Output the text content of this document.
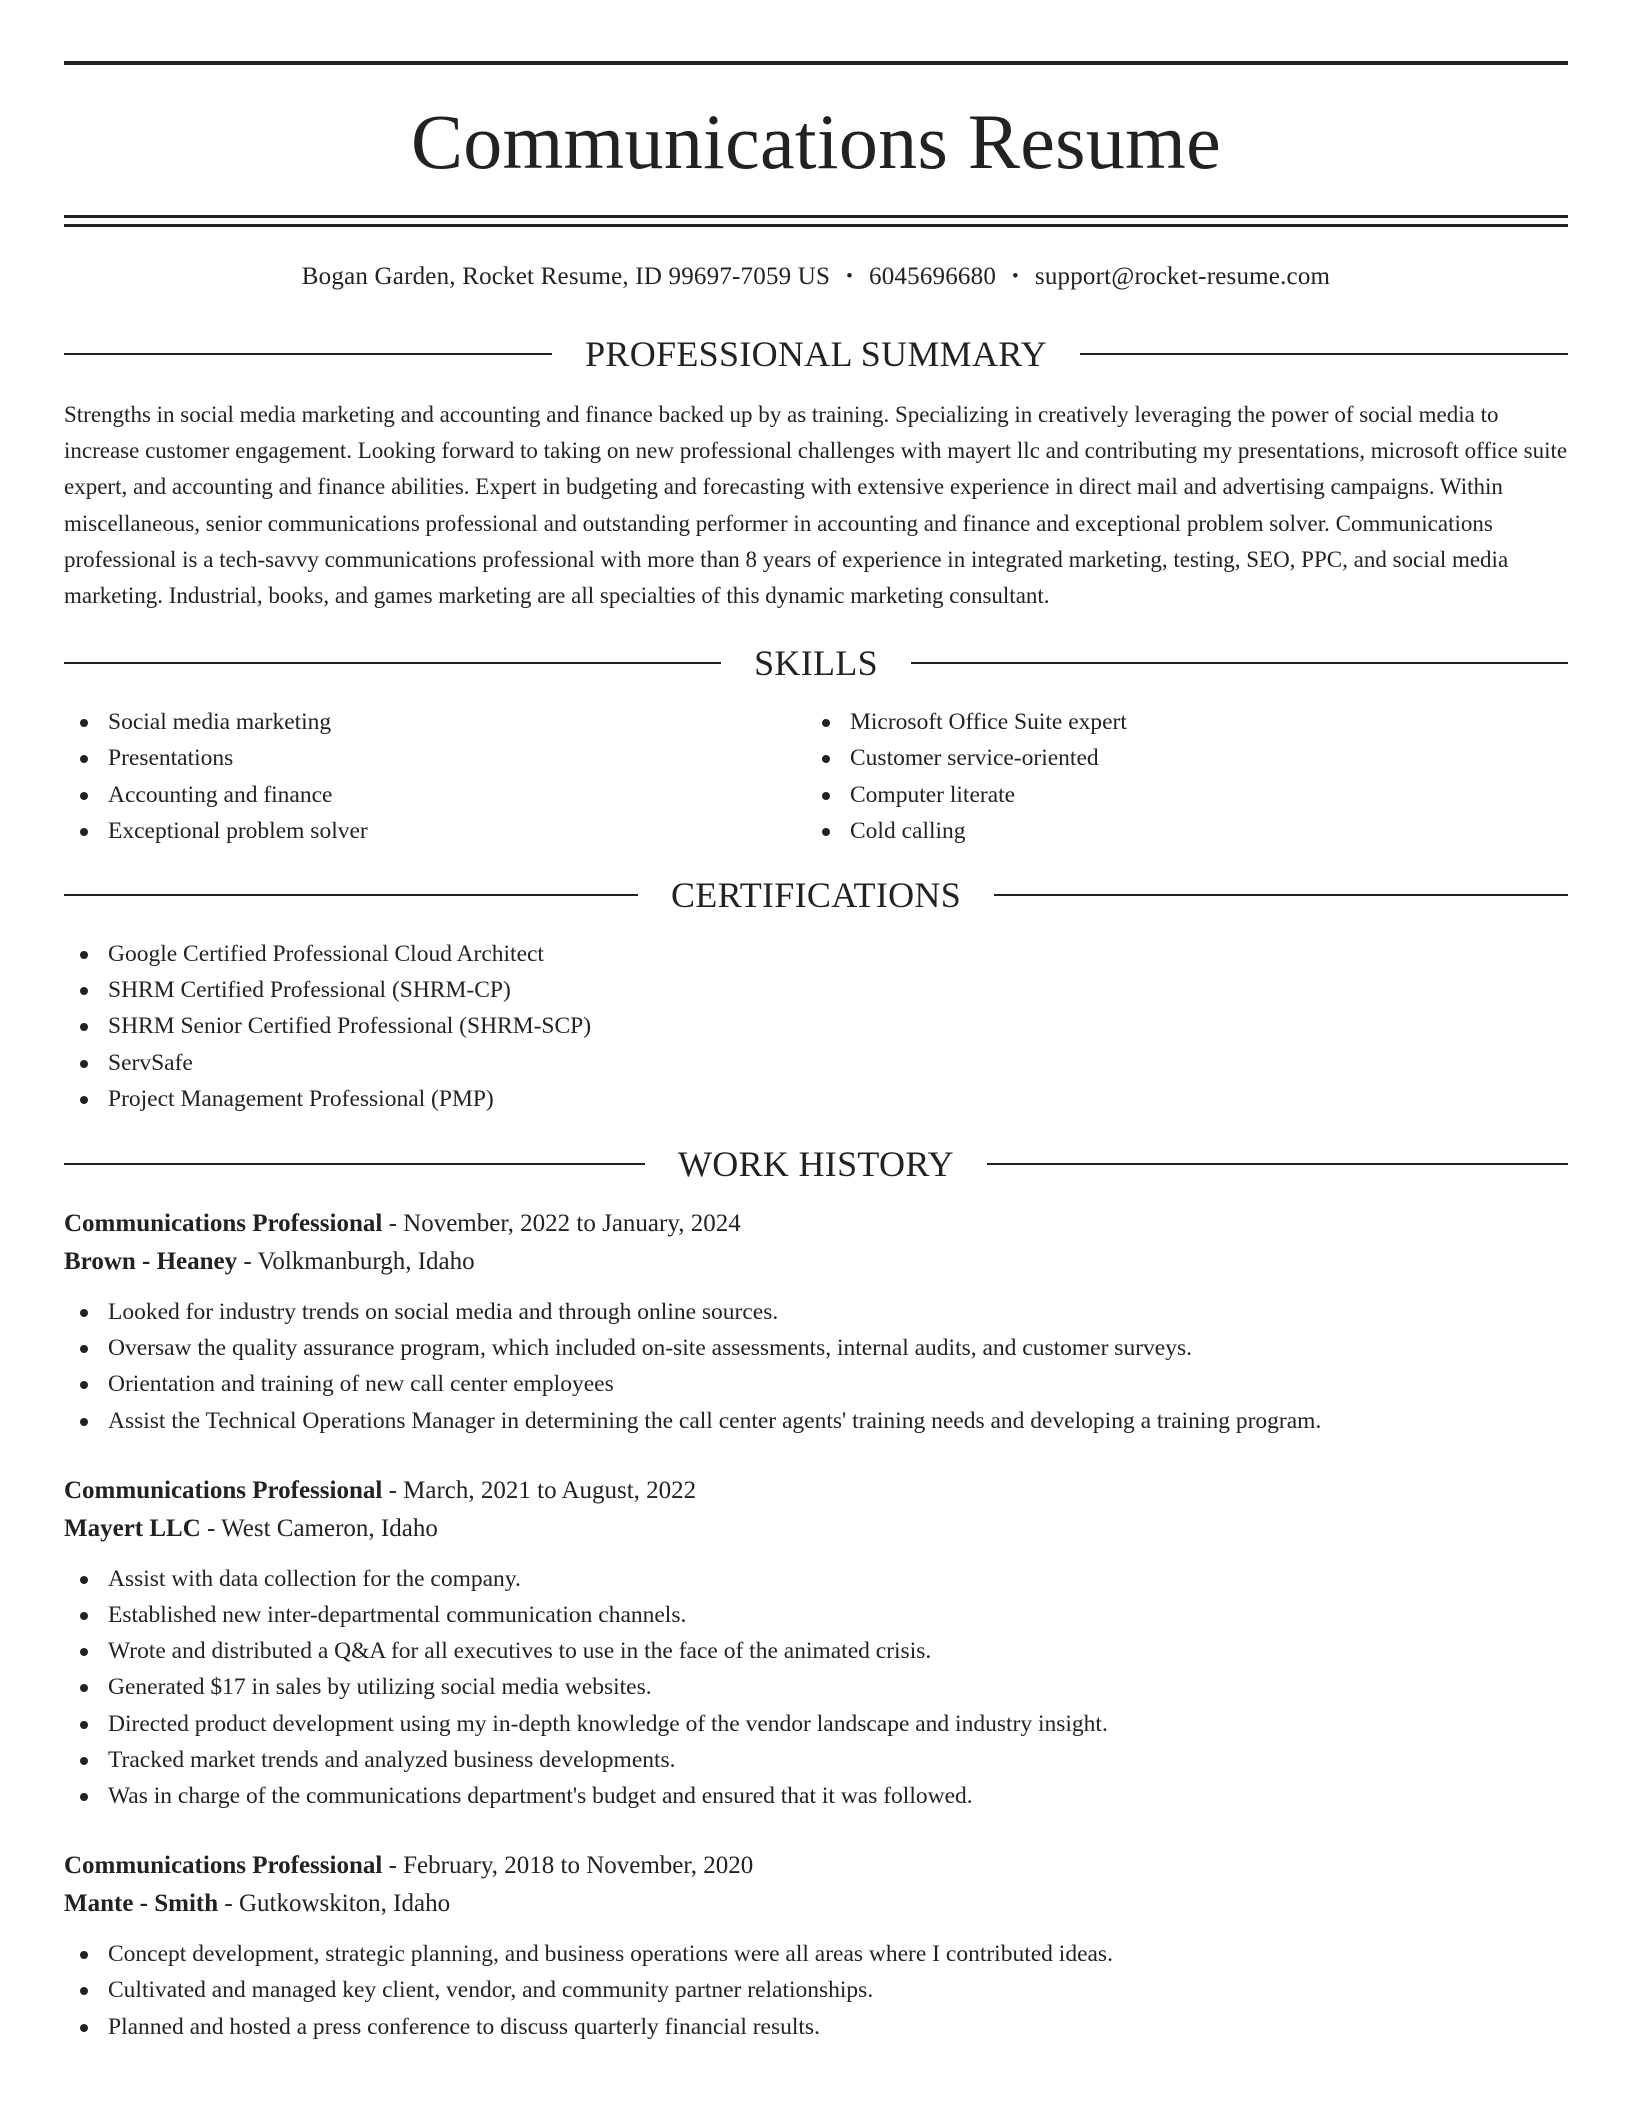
Communications Resume
Bogan Garden, Rocket Resume, ID 99697-7059 US • 6045696680 • support@rocket-resume.com
PROFESSIONAL SUMMARY

Strengths in social media marketing and accounting and finance backed up by as training. Specializing in creatively leveraging the power of social media to increase customer engagement. Looking forward to taking on new professional challenges with mayert llc and contributing my presentations, microsoft office suite expert, and accounting and finance abilities. Expert in budgeting and forecasting with extensive experience in direct mail and advertising campaigns. Within miscellaneous, senior communications professional and outstanding performer in accounting and finance and exceptional problem solver. Communications professional is a tech-savvy communications professional with more than 8 years of experience in integrated marketing, testing, SEO, PPC, and social media marketing. Industrial, books, and games marketing are all specialties of this dynamic marketing consultant.

SKILLS
Social media marketing
Presentations
Accounting and finance
Exceptional problem solver
Microsoft Office Suite expert
Customer service-oriented
Computer literate
Cold calling
CERTIFICATIONS
Google Certified Professional Cloud Architect
SHRM Certified Professional (SHRM-CP)
SHRM Senior Certified Professional (SHRM-SCP)
ServSafe
Project Management Professional (PMP)
WORK HISTORY
Communications Professional - November, 2022 to January, 2024
Brown - Heaney - Volkmanburgh, Idaho
Looked for industry trends on social media and through online sources.
Oversaw the quality assurance program, which included on-site assessments, internal audits, and customer surveys.
Orientation and training of new call center employees
Assist the Technical Operations Manager in determining the call center agents' training needs and developing a training program.
Communications Professional - March, 2021 to August, 2022
Mayert LLC - West Cameron, Idaho
Assist with data collection for the company.
Established new inter-departmental communication channels.
Wrote and distributed a Q&A for all executives to use in the face of the animated crisis.
Generated $17 in sales by utilizing social media websites.
Directed product development using my in-depth knowledge of the vendor landscape and industry insight.
Tracked market trends and analyzed business developments.
Was in charge of the communications department's budget and ensured that it was followed.
Communications Professional - February, 2018 to November, 2020
Mante - Smith - Gutkowskiton, Idaho
Concept development, strategic planning, and business operations were all areas where I contributed ideas.
Cultivated and managed key client, vendor, and community partner relationships.
Planned and hosted a press conference to discuss quarterly financial results.
